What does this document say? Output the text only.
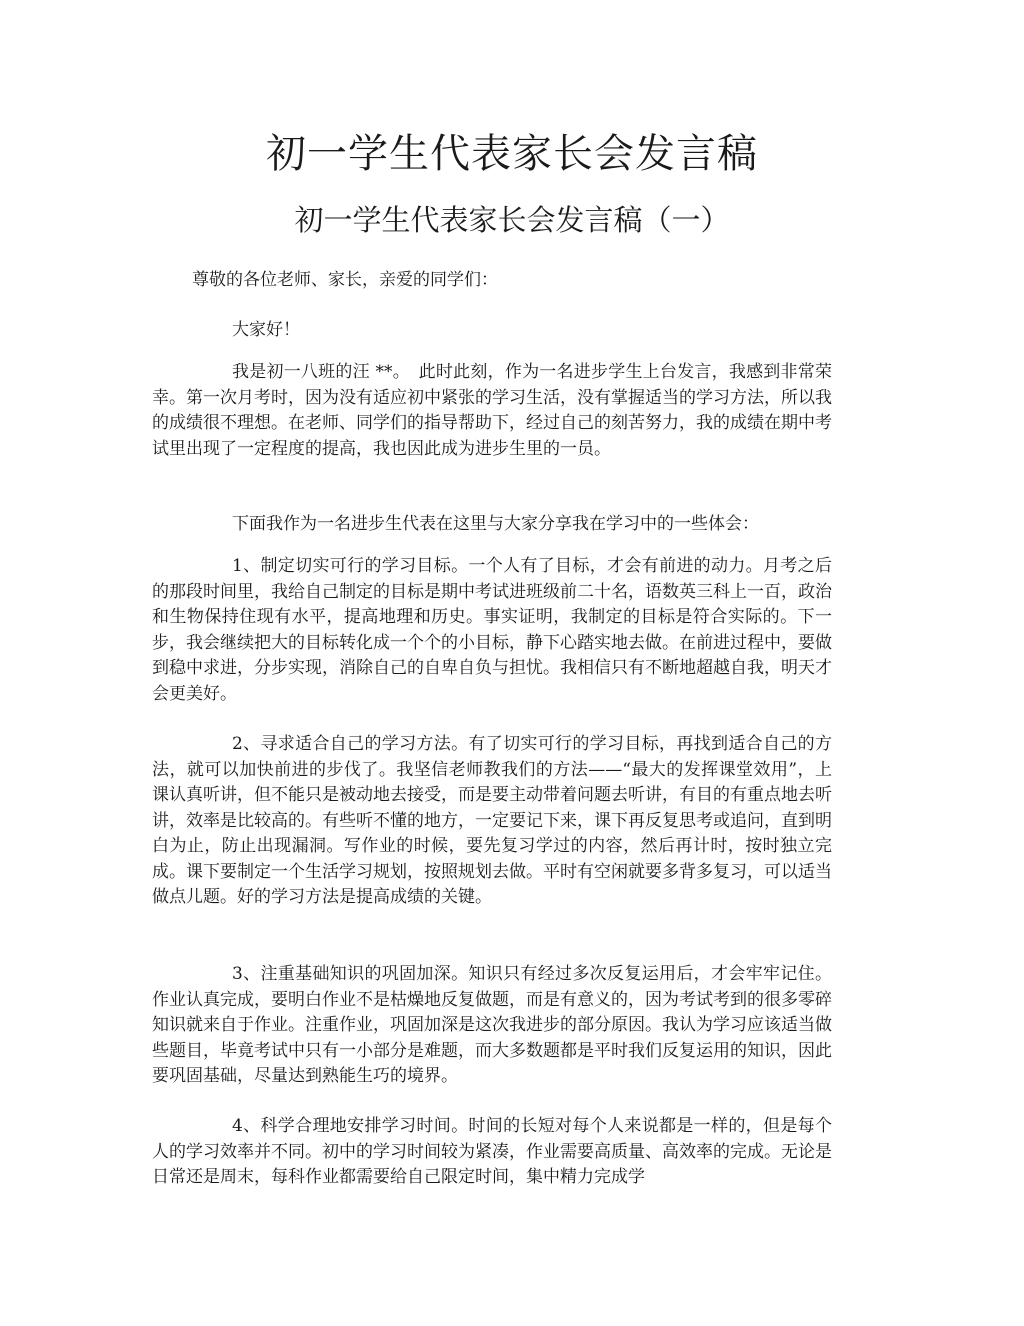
初一学生代表家长会发言稿
初一学生代表家长会发言稿（一）

尊敬的各位老师、家长，亲爱的同学们：

大家好！

我是初一八班的汪 **。　此时此刻，作为一名进步学生上台发言，我感到非常荣幸。第一次月考时，因为没有适应初中紧张的学习生活，没有掌握适当的学习方法，所以我的成绩很不理想。在老师、同学们的指导帮助下，经过自己的刻苦努力，我的成绩在期中考试里出现了一定程度的提高，我也因此成为进步生里的一员。

下面我作为一名进步生代表在这里与大家分享我在学习中的一些体会：

1、制定切实可行的学习目标。一个人有了目标，才会有前进的动力。月考之后的那段时间里，我给自己制定的目标是期中考试进班级前二十名，语数英三科上一百，政治和生物保持住现有水平，提高地理和历史。事实证明，我制定的目标是符合实际的。下一步，我会继续把大的目标转化成一个个的小目标，静下心踏实地去做。在前进过程中，要做到稳中求进，分步实现，消除自己的自卑自负与担忧。我相信只有不断地超越自我，明天才会更美好。

2、寻求适合自己的学习方法。有了切实可行的学习目标，再找到适合自己的方法，就可以加快前进的步伐了。我坚信老师教我们的方法——“最大的发挥课堂效用”，上课认真听讲，但不能只是被动地去接受，而是要主动带着问题去听讲，有目的有重点地去听讲，效率是比较高的。有些听不懂的地方，一定要记下来，课下再反复思考或追问，直到明白为止，防止出现漏洞。写作业的时候，要先复习学过的内容，然后再计时，按时独立完成。课下要制定一个生活学习规划，按照规划去做。平时有空闲就要多背多复习，可以适当做点儿题。好的学习方法是提高成绩的关键。

3、注重基础知识的巩固加深。知识只有经过多次反复运用后，才会牢牢记住。作业认真完成，要明白作业不是枯燥地反复做题，而是有意义的，因为考试考到的很多零碎知识就来自于作业。注重作业，巩固加深是这次我进步的部分原因。我认为学习应该适当做些题目，毕竟考试中只有一小部分是难题，而大多数题都是平时我们反复运用的知识，因此要巩固基础，尽量达到熟能生巧的境界。

4、科学合理地安排学习时间。时间的长短对每个人来说都是一样的，但是每个人的学习效率并不同。初中的学习时间较为紧凑，作业需要高质量、高效率的完成。无论是日常还是周末，每科作业都需要给自己限定时间，集中精力完成学
